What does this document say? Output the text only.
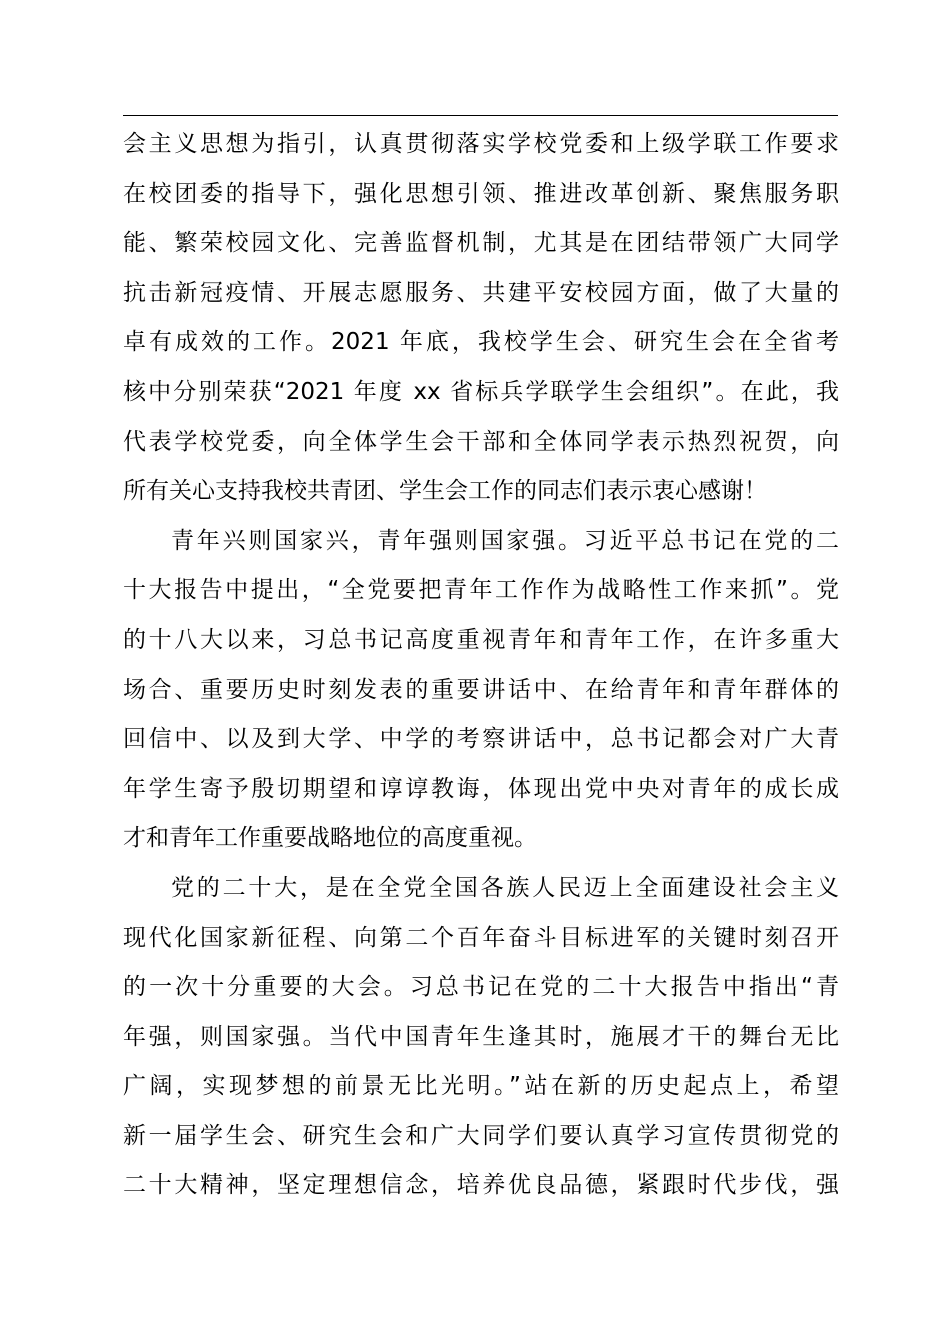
会主义思想为指引，认真贯彻落实学校党委和上级学联工作要求
在校团委的指导下，强化思想引领、推进改革创新、聚焦服务职
能、繁荣校园文化、完善监督机制，尤其是在团结带领广大同学
抗击新冠疫情、开展志愿服务、共建平安校园方面，做了大量的
卓有成效的工作。2021 年底，我校学生会、研究生会在全省考
核中分别荣获“2021 年度 xx 省标兵学联学生会组织”。在此，我
代表学校党委，向全体学生会干部和全体同学表示热烈祝贺，向
所有关心支持我校共青团、学生会工作的同志们表示衷心感谢！
青年兴则国家兴，青年强则国家强。习近平总书记在党的二
十大报告中提出，“全党要把青年工作作为战略性工作来抓”。党
的十八大以来，习总书记高度重视青年和青年工作，在许多重大
场合、重要历史时刻发表的重要讲话中、在给青年和青年群体的
回信中、以及到大学、中学的考察讲话中，总书记都会对广大青
年学生寄予殷切期望和谆谆教诲，体现出党中央对青年的成长成
才和青年工作重要战略地位的高度重视。
党的二十大，是在全党全国各族人民迈上全面建设社会主义
现代化国家新征程、向第二个百年奋斗目标进军的关键时刻召开
的一次十分重要的大会。习总书记在党的二十大报告中指出“青
年强，则国家强。当代中国青年生逢其时，施展才干的舞台无比
广阔，实现梦想的前景无比光明。”站在新的历史起点上，希望
新一届学生会、研究生会和广大同学们要认真学习宣传贯彻党的
二十大精神，坚定理想信念，培养优良品德，紧跟时代步伐，强
